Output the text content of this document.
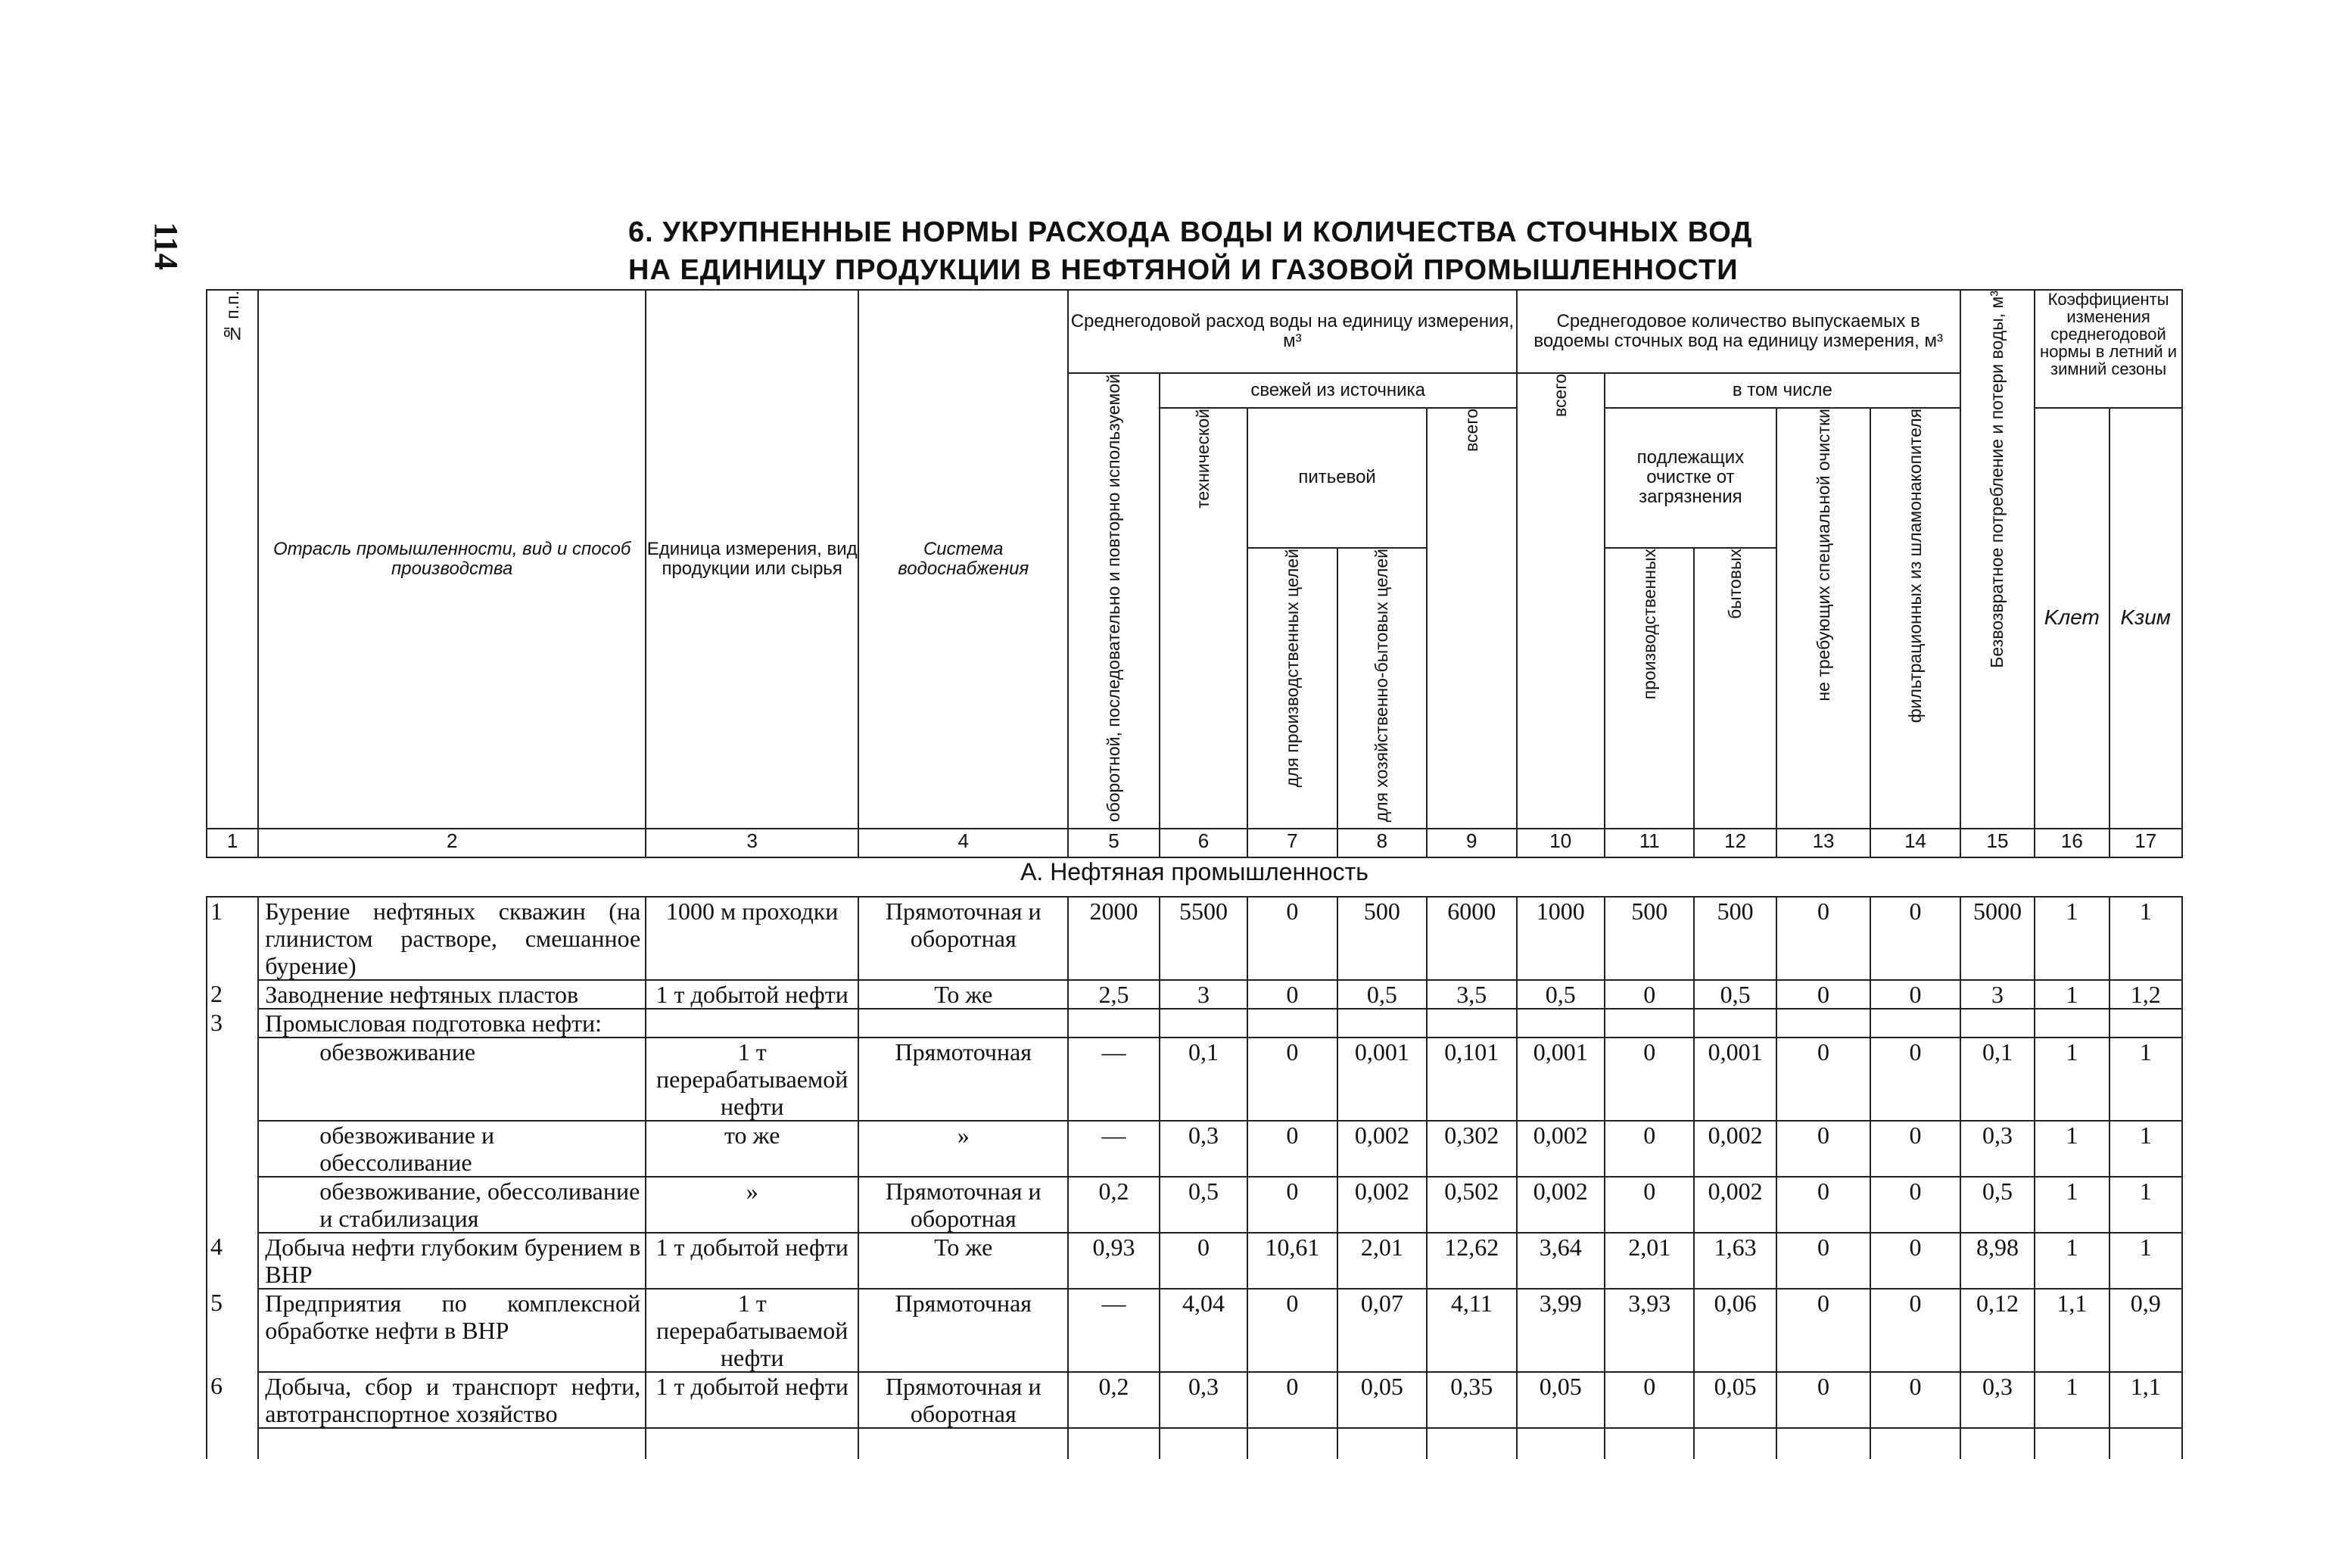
114	6. УКРУПНЕННЫЕ НОРМЫ РАСХОДА ВОДЫ И КОЛИЧЕСТВА СТОЧНЫХ ВОД
НА ЕДИНИЦУ ПРОДУКЦИИ В НЕФТЯНОЙ И ГАЗОВОЙ ПРОМЫШЛЕННОСТИ
№ п.п.	Отрасль промышленности, вид и способ производства	Единица измерения, вид продукции или сырья	Система водоснабжения	Среднегодовой расход воды на единицу измерения, м³					Среднегодовое количество выпускаемых в водоемы сточных вод на единицу измерения, м³					Безвозвратное потребление и потери воды, м³	Коэффициенты изменения среднегодовой нормы в летний и зимний сезоны	

				оборотной, последовательно и повторно используемой	свежей из источника				всего	в том числе						

					технической	питьевой		всего		подлежащих очистке от загрязнения		не требующих специальной очистки	фильтрационных из шламонакопителя		Kлет	Kзим

						для производственных целей	для хозяйственно-бытовых целей			производственных	бытовых					

1	2	3	4	5	6	7	8	9	10	11	12	13	14	15	16	17
А. Нефтяная промышленность																
1	Бурение нефтяных скважин (на глинистом растворе, смешанное бурение)	1000 м проходки	Прямоточная и оборотная	2000	5500	0	500	6000	1000	500	500	0	0	5000	1	1
2	Заводнение нефтяных пластов	1 т добытой нефти	То же	2,5	3	0	0,5	3,5	0,5	0	0,5	0	0	3	1	1,2
3	Промысловая подготовка нефти:															
	обезвоживание	1 т перерабатываемой нефти	Прямоточная	—	0,1	0	0,001	0,101	0,001	0	0,001	0	0	0,1	1	1
	обезвоживание и обессоливание	то же	»	—	0,3	0	0,002	0,302	0,002	0	0,002	0	0	0,3	1	1
	обезвоживание, обессоливание и стабилизация	»	Прямоточная и оборотная	0,2	0,5	0	0,002	0,502	0,002	0	0,002	0	0	0,5	1	1
4	Добыча нефти глубоким бурением в ВНР	1 т добытой нефти	То же	0,93	0	10,61	2,01	12,62	3,64	2,01	1,63	0	0	8,98	1	1
5	Предприятия по комплексной обработке нефти в ВНР	1 т перерабатываемой нефти	Прямоточная	—	4,04	0	0,07	4,11	3,99	3,93	0,06	0	0	0,12	1,1	0,9
6	Добыча, сбор и транспорт нефти, автотранспортное хозяйство	1 т добытой нефти	Прямоточная и оборотная	0,2	0,3	0	0,05	0,35	0,05	0	0,05	0	0	0,3	1	1,1
